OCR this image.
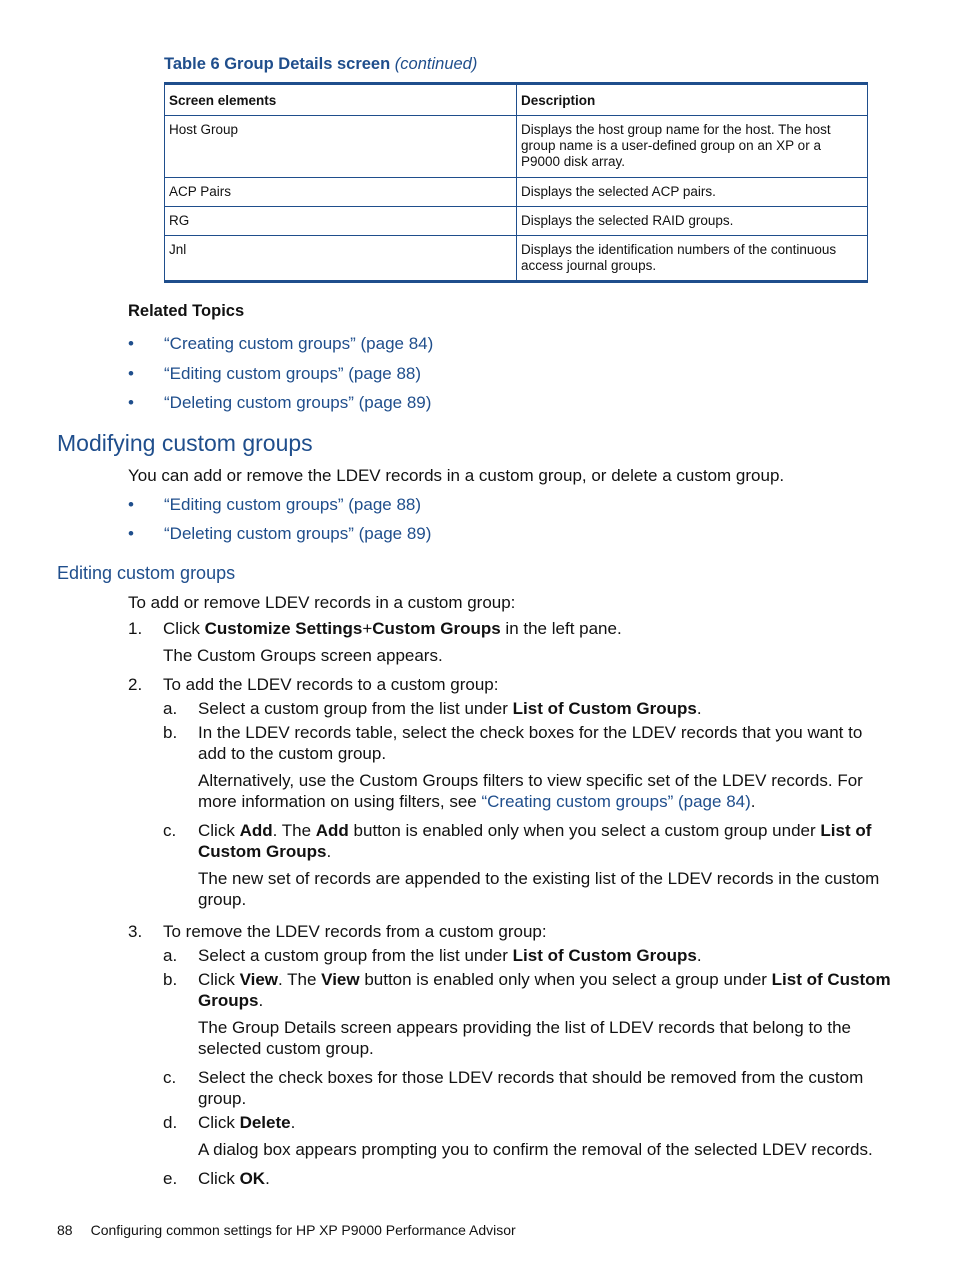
Table 6 Group Details screen (continued)
Screen elements	Description
Host Group	Displays the host group name for the host. The host group name is a user-defined group on an XP or a P9000 disk array.
ACP Pairs	Displays the selected ACP pairs.
RG	Displays the selected RAID groups.
Jnl	Displays the identification numbers of the continuous access journal groups.
Related Topics
• “Creating custom groups” (page 84)
• “Editing custom groups” (page 88)
• “Deleting custom groups” (page 89)
Modifying custom groups
You can add or remove the LDEV records in a custom group, or delete a custom group.
• “Editing custom groups” (page 88)
• “Deleting custom groups” (page 89)
Editing custom groups
To add or remove LDEV records in a custom group:
1. Click Customize Settings+Custom Groups in the left pane.
The Custom Groups screen appears.
2. To add the LDEV records to a custom group:
a. Select a custom group from the list under List of Custom Groups.
b. In the LDEV records table, select the check boxes for the LDEV records that you want to
add to the custom group.
Alternatively, use the Custom Groups filters to view specific set of the LDEV records. For
more information on using filters, see “Creating custom groups” (page 84).
c. Click Add. The Add button is enabled only when you select a custom group under List of
Custom Groups.
The new set of records are appended to the existing list of the LDEV records in the custom
group.
3. To remove the LDEV records from a custom group:
a. Select a custom group from the list under List of Custom Groups.
b. Click View. The View button is enabled only when you select a group under List of Custom
Groups.
The Group Details screen appears providing the list of LDEV records that belong to the
selected custom group.
c. Select the check boxes for those LDEV records that should be removed from the custom
group.
d. Click Delete.
A dialog box appears prompting you to confirm the removal of the selected LDEV records.
e. Click OK.
88 Configuring common settings for HP XP P9000 Performance Advisor
